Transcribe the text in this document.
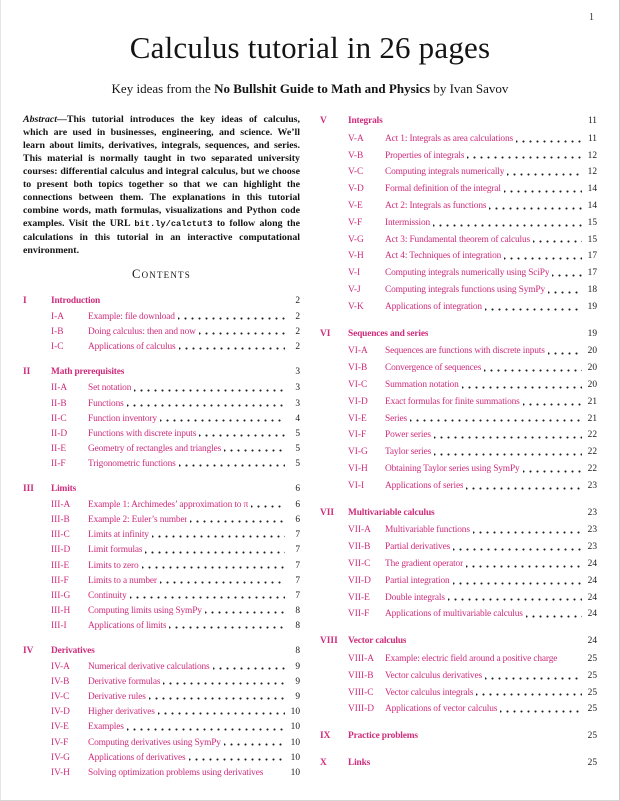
1
Calculus tutorial in 26 pages
Key ideas from the No Bullshit Guide to Math and Physics by Ivan Savov

Abstract—This tutorial introduces the key ideas of calculus, which are used in businesses, engineering, and science. We’ll learn about limits, derivatives, integrals, sequences, and series. This material is normally taught in two separated university courses: differential calculus and integral calculus, but we choose to present both topics together so that we can highlight the connections between them. The explanations in this tutorial combine words, math formulas, visualizations and Python code examples. Visit the URL bit.ly/calctut3 to follow along the calculations in this tutorial in an interactive computational environment.

Contents
I	Introduction	2
I-A	Example: file download	2
I-B	Doing calculus: then and now	2
I-C	Applications of calculus	2
II	Math prerequisites	3
II-A	Set notation	3
II-B	Functions	3
II-C	Function inventory	4
II-D	Functions with discrete inputs	5
II-E	Geometry of rectangles and triangles	5
II-F	Trigonometric functions	5
III	Limits	6
III-A	Example 1: Archimedes’ approximation to π	6
III-B	Example 2: Euler’s number	6
III-C	Limits at infinity	7
III-D	Limit formulas	7
III-E	Limits to zero	7
III-F	Limits to a number	7
III-G	Continuity	7
III-H	Computing limits using SymPy	8
III-I	Applications of limits	8
IV	Derivatives	8
IV-A	Numerical derivative calculations	9
IV-B	Derivative formulas	9
IV-C	Derivative rules	9
IV-D	Higher derivatives	10
IV-E	Examples	10
IV-F	Computing derivatives using SymPy	10
IV-G	Applications of derivatives	10
IV-H	Solving optimization problems using derivatives	10
V	Integrals	11
V-A	Act 1: Integrals as area calculations	11
V-B	Properties of integrals	12
V-C	Computing integrals numerically	12
V-D	Formal definition of the integral	14
V-E	Act 2: Integrals as functions	14
V-F	Intermission	15
V-G	Act 3: Fundamental theorem of calculus	15
V-H	Act 4: Techniques of integration	17
V-I	Computing integrals numerically using SciPy	17
V-J	Computing integrals functions using SymPy	18
V-K	Applications of integration	19
VI	Sequences and series	19
VI-A	Sequences are functions with discrete inputs	20
VI-B	Convergence of sequences	20
VI-C	Summation notation	20
VI-D	Exact formulas for finite summations	21
VI-E	Series	21
VI-F	Power series	22
VI-G	Taylor series	22
VI-H	Obtaining Taylor series using SymPy	22
VI-I	Applications of series	23
VII	Multivariable calculus	23
VII-A	Multivariable functions	23
VII-B	Partial derivatives	23
VII-C	The gradient operator	24
VII-D	Partial integration	24
VII-E	Double integrals	24
VII-F	Applications of multivariable calculus	24
VIII	Vector calculus	24
VIII-A	Example: electric field around a positive charge	25
VIII-B	Vector calculus derivatives	25
VIII-C	Vector calculus integrals	25
VIII-D	Applications of vector calculus	25
IX	Practice problems	25
X	Links	25
